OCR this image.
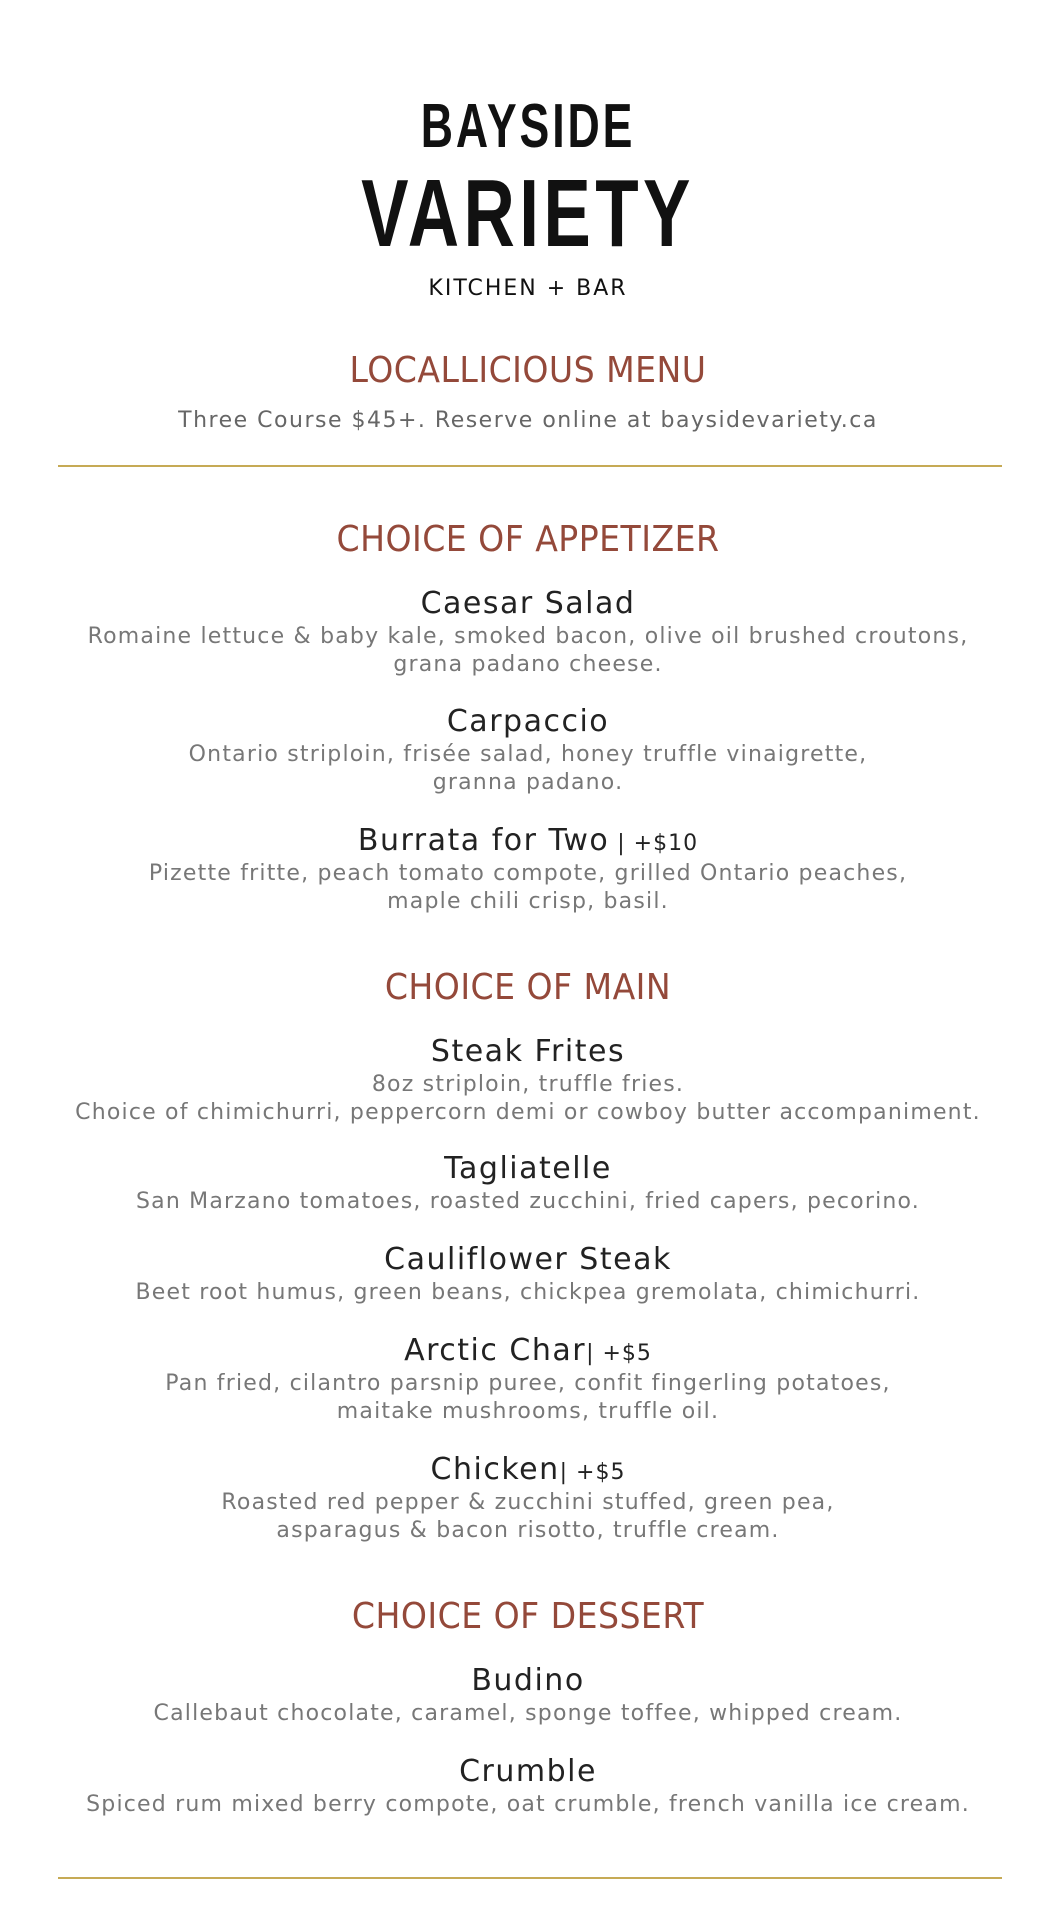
BAYSIDE
VARIETY
KITCHEN + BAR
LOCALLICIOUS MENU
Three Course $45+. Reserve online at baysidevariety.ca
CHOICE OF APPETIZER
Caesar Salad
Romaine lettuce & baby kale, smoked bacon, olive oil brushed croutons,
grana padano cheese.
Carpaccio
Ontario striploin, frisée salad, honey truffle vinaigrette,
granna padano.
Burrata for Two | +$10
Pizette fritte, peach tomato compote, grilled Ontario peaches,
maple chili crisp, basil.
CHOICE OF MAIN
Steak Frites
8oz striploin, truffle fries.
Choice of chimichurri, peppercorn demi or cowboy butter accompaniment.
Tagliatelle
San Marzano tomatoes, roasted zucchini, fried capers, pecorino.
Cauliflower Steak
Beet root humus, green beans, chickpea gremolata, chimichurri.
Arctic Char| +$5
Pan fried, cilantro parsnip puree, confit fingerling potatoes,
maitake mushrooms, truffle oil.
Chicken| +$5
Roasted red pepper & zucchini stuffed, green pea,
asparagus & bacon risotto, truffle cream.
CHOICE OF DESSERT
Budino
Callebaut chocolate, caramel, sponge toffee, whipped cream.
Crumble
Spiced rum mixed berry compote, oat crumble, french vanilla ice cream.
